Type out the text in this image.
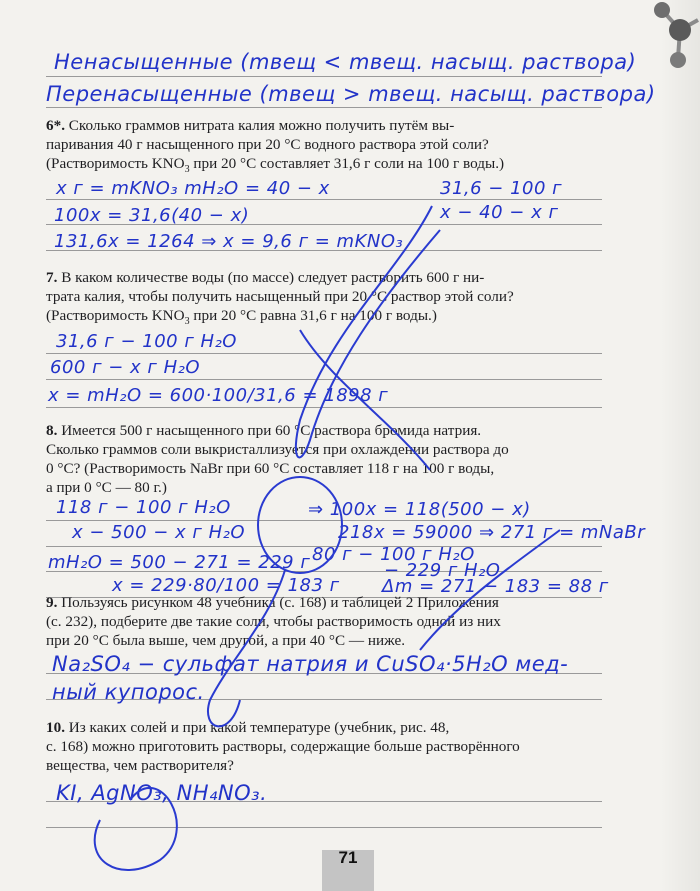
Ненасыщенные (mвещ < mвещ. насыщ. раствора)
Перенасыщенные (mвещ > mвещ. насыщ. раствора)
6*. Сколько граммов нитрата калия можно получить путём вы-
паривания 40 г насыщенного при 20 °С водного раствора этой соли?
(Растворимость $KNO_3$ при 20 °С составляет 31,6 г соли на 100 г воды.)
x г = mKNO₃ mH₂O = 40 − x	31,6 − 100 г
x − 40 − x г
100x = 31,6(40 − x)
131,6x = 1264 ⇒ x = 9,6 г = mKNO₃
7. В каком количестве воды (по массе) следует растворить 600 г ни-
трата калия, чтобы получить насыщенный при 20 °С раствор этой соли?
(Растворимость $KNO_3$ при 20 °С равна 31,6 г на 100 г воды.)
31,6 г − 100 г H₂O
600 г − x г H₂O
x = mH₂O = 600·100/31,6 = 1898 г
8. Имеется 500 г насыщенного при 60 °С раствора бромида натрия.
Сколько граммов соли выкристаллизуется при охлаждении раствора до
0 °С? (Растворимость NaBr при 60 °С составляет 118 г на 100 г воды,
а при 0 °С — 80 г.)
118 г − 100 г H₂O
x − 500 − x г H₂O
⇒ 100x = 118(500 − x)
218x = 59000 ⇒ 271 г = mNaBr
80 г − 100 г H₂O
mH₂O = 500 − 271 = 229 г	− 229 г H₂O
x = 229·80/100 = 183 г Δm = 271 − 183 = 88 г
9. Пользуясь рисунком 48 учебника (с. 168) и таблицей 2 Приложения
(с. 232), подберите две такие соли, чтобы растворимость одной из них
при 20 °С была выше, чем другой, а при 40 °С — ниже.
Na₂SO₄ − сульфат натрия и CuSO₄·5H₂O мед-
ный купорос.
10. Из каких солей и при какой температуре (учебник, рис. 48,
с. 168) можно приготовить растворы, содержащие больше растворённого
вещества, чем растворителя?
KI, AgNO₃, NH₄NO₃.
71
